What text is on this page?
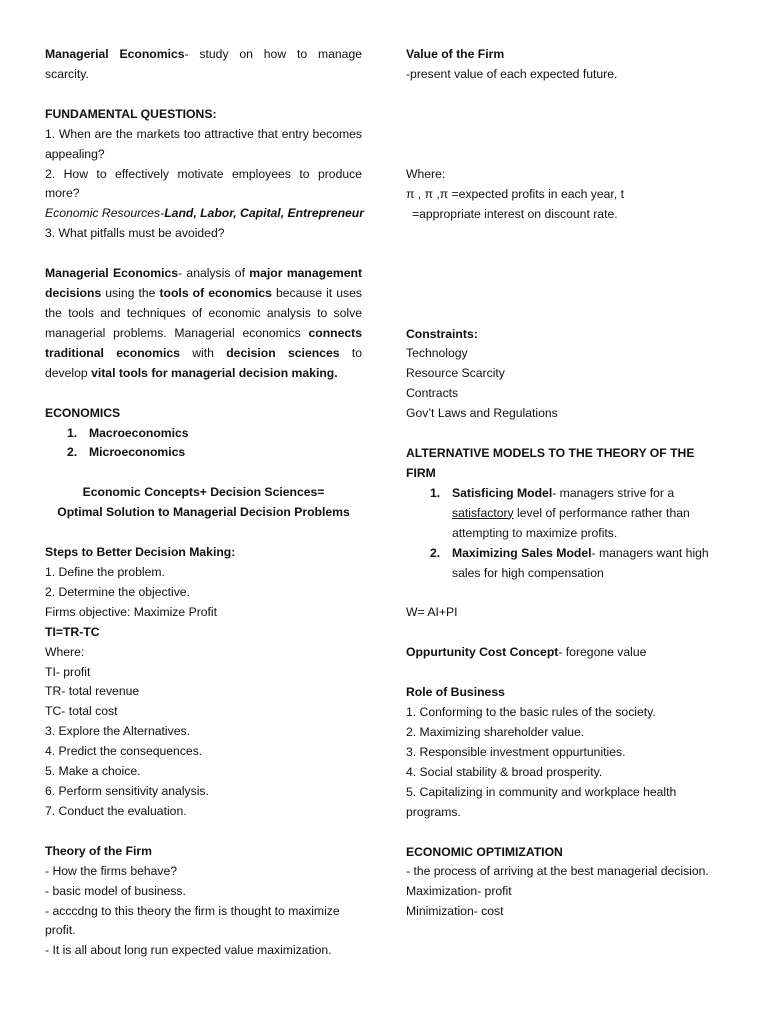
Managerial Economics- study on how to manage scarcity.
FUNDAMENTAL QUESTIONS:
1. When are the markets too attractive that entry becomes appealing?
2. How to effectively motivate employees to produce more?
Economic Resources-Land, Labor, Capital, Entrepreneur
3. What pitfalls must be avoided?
Managerial Economics- analysis of major management decisions using the tools of economics because it uses the tools and techniques of economic analysis to solve managerial problems. Managerial economics connects traditional economics with decision sciences to develop vital tools for managerial decision making.
ECONOMICS
1. Macroeconomics
2. Microeconomics
Economic Concepts+ Decision Sciences=
Optimal Solution to Managerial Decision Problems
Steps to Better Decision Making:
1. Define the problem.
2. Determine the objective.
Firms objective: Maximize Profit
TI=TR-TC
Where:
TI- profit
TR- total revenue
TC- total cost
3. Explore the Alternatives.
4. Predict the consequences.
5. Make a choice.
6. Perform sensitivity analysis.
7. Conduct the evaluation.
Theory of the Firm
- How the firms behave?
- basic model of business.
- acccdng to this theory the firm is thought to maximize profit.
- It is all about long run expected value maximization.
Value of the Firm
-present value of each expected future.
Where:
π , π ,π =expected profits in each year, t
=appropriate interest on discount rate.
Constraints:
Technology
Resource Scarcity
Contracts
Gov’t Laws and Regulations
ALTERNATIVE MODELS TO THE THEORY OF THE FIRM
1. Satisficing Model- managers strive for a satisfactory level of performance rather than attempting to maximize profits.
2. Maximizing Sales Model- managers want high sales for high compensation
W= AI+PI
Oppurtunity Cost Concept- foregone value
Role of Business
1. Conforming to the basic rules of the society.
2. Maximizing shareholder value.
3. Responsible investment oppurtunities.
4. Social stability & broad prosperity.
5. Capitalizing in community and workplace health programs.
ECONOMIC OPTIMIZATION
- the process of arriving at the best managerial decision.
Maximization- profit
Minimization- cost
